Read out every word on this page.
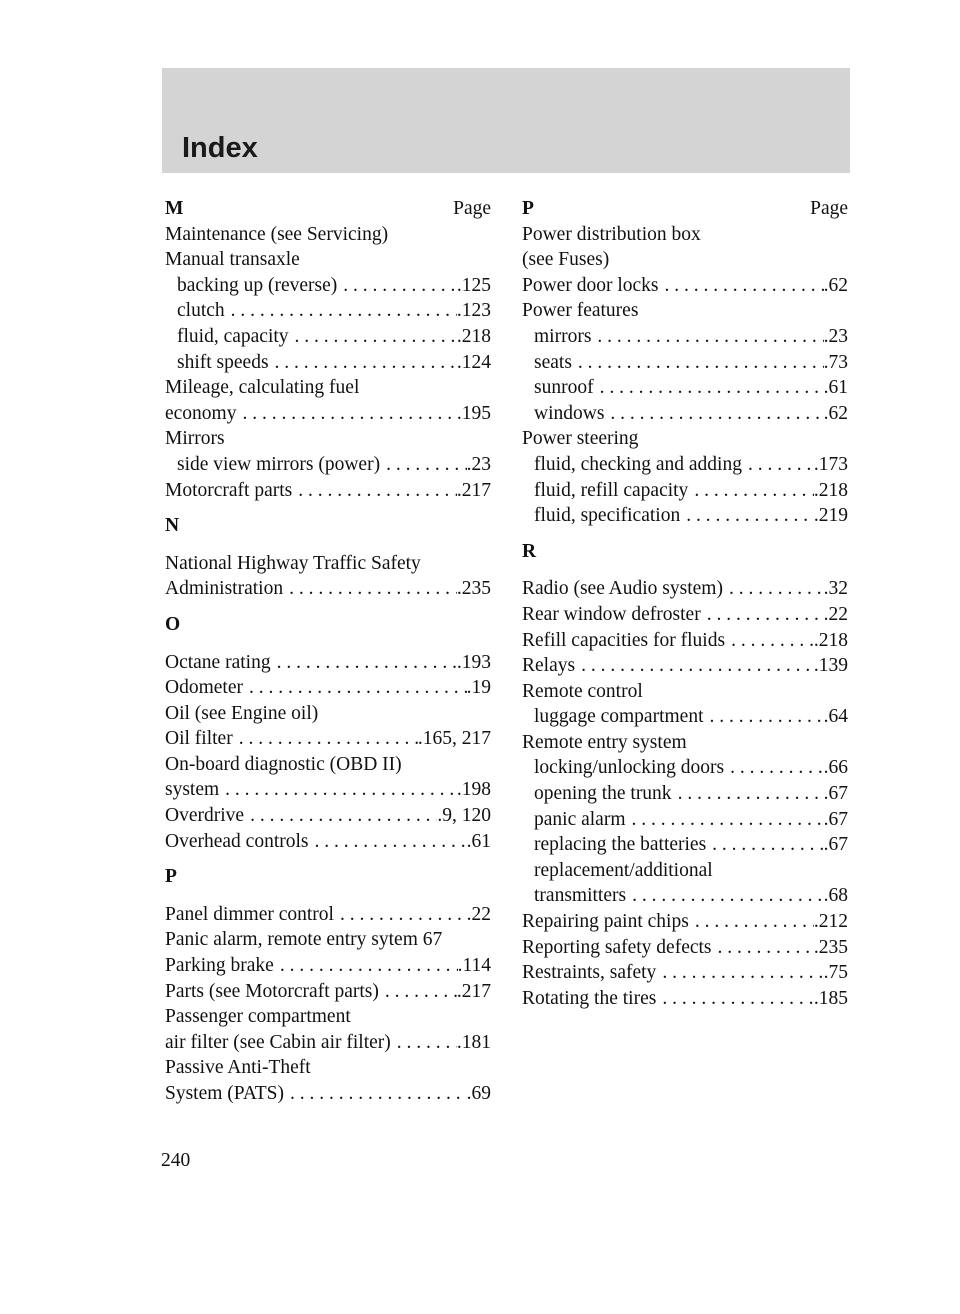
Index
M	Page
Maintenance (see Servicing)
Manual transaxle
backing up (reverse) . . .	.125
clutch . . .	.123
fluid, capacity . . .	.218
shift speeds . . .	.124
Mileage, calculating fuel
economy . . .	.195
Mirrors
side view mirrors (power) . . .	.23
Motorcraft parts . . .	.217
N
National Highway Traffic Safety
Administration . . .	.235
O
Octane rating . . .	.193
Odometer . . .	.19
Oil (see Engine oil)
Oil filter . . .	.165, 217
On-board diagnostic (OBD II)
system . . .	.198
Overdrive . . .	.9, 120
Overhead controls . . .	.61
P
Panel dimmer control . . .	.22
Panic alarm, remote entry sytem 67
Parking brake . . .	.114
Parts (see Motorcraft parts) . . .	.217
Passenger compartment
air filter (see Cabin air filter) . . .	.181
Passive Anti-Theft
System (PATS) . . .	.69
P	Page
Power distribution box
(see Fuses)
Power door locks . . .	.62
Power features
mirrors . . .	.23
seats . . .	.73
sunroof . . .	.61
windows . . .	.62
Power steering
fluid, checking and adding . . .	.173
fluid, refill capacity . . .	.218
fluid, specification . . .	.219
R
Radio (see Audio system) . . .	.32
Rear window defroster . . .	.22
Refill capacities for fluids . . .	.218
Relays . . .	.139
Remote control
luggage compartment . . .	.64
Remote entry system
locking/unlocking doors . . .	.66
opening the trunk . . .	.67
panic alarm . . .	.67
replacing the batteries . . .	.67
replacement/additional
transmitters . . .	.68
Repairing paint chips . . .	.212
Reporting safety defects . . .	.235
Restraints, safety . . .	.75
Rotating the tires . . .	.185
240
